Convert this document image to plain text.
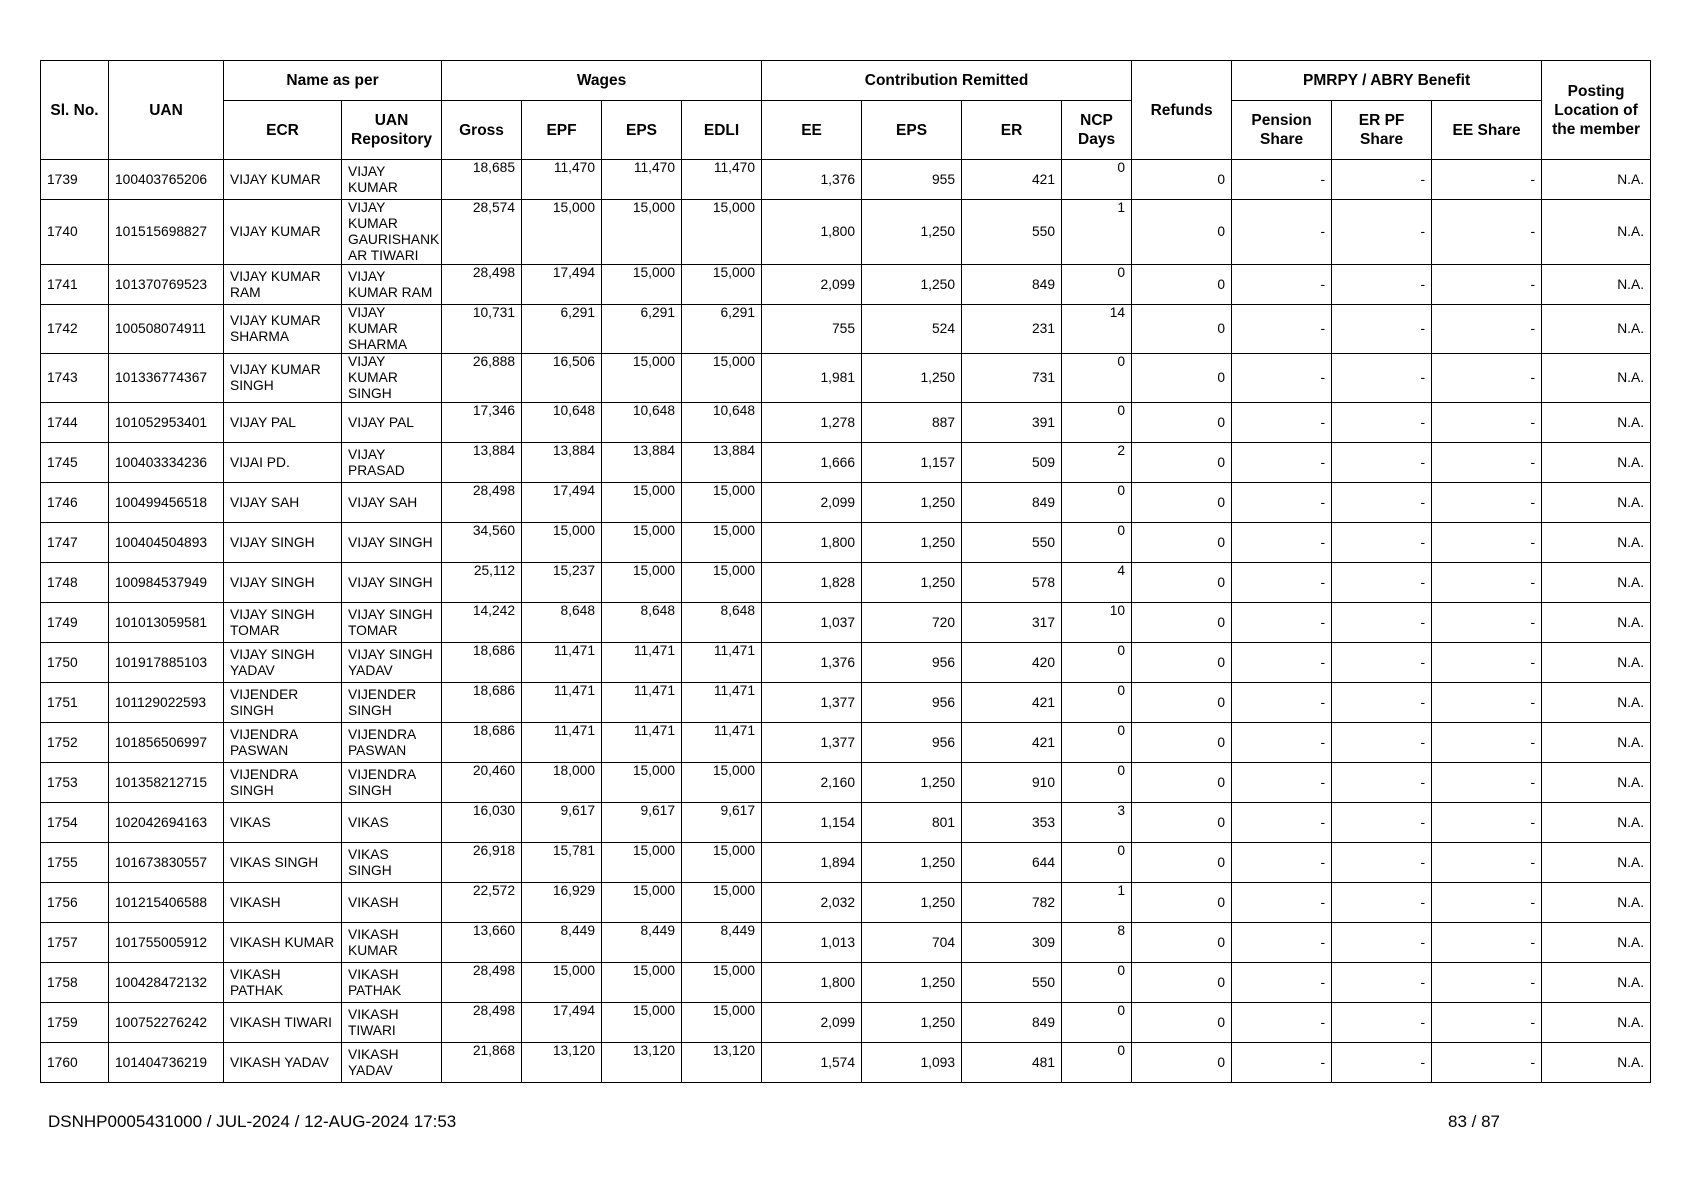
Sl. No.	UAN	Name as per		Wages				Contribution Remitted				Refunds	PMRPY / ABRY Benefit			Posting Location of the member
		ECR	UAN Repository	Gross	EPF	EPS	EDLI	EE	EPS	ER	NCP Days		Pension Share	ER PF Share	EE Share	
1739	100403765206	VIJAY KUMAR	VIJAY KUMAR	18,685	11,470	11,470	11,470	1,376	955	421	0	0	-	-	-	N.A.
1740	101515698827	VIJAY KUMAR	VIJAY KUMAR GAURISHANK AR TIWARI	28,574	15,000	15,000	15,000	1,800	1,250	550	1	0	-	-	-	N.A.
1741	101370769523	VIJAY KUMAR RAM	VIJAY KUMAR RAM	28,498	17,494	15,000	15,000	2,099	1,250	849	0	0	-	-	-	N.A.
1742	100508074911	VIJAY KUMAR SHARMA	VIJAY KUMAR SHARMA	10,731	6,291	6,291	6,291	755	524	231	14	0	-	-	-	N.A.
1743	101336774367	VIJAY KUMAR SINGH	VIJAY KUMAR SINGH	26,888	16,506	15,000	15,000	1,981	1,250	731	0	0	-	-	-	N.A.
1744	101052953401	VIJAY PAL	VIJAY PAL	17,346	10,648	10,648	10,648	1,278	887	391	0	0	-	-	-	N.A.
1745	100403334236	VIJAI PD.	VIJAY PRASAD	13,884	13,884	13,884	13,884	1,666	1,157	509	2	0	-	-	-	N.A.
1746	100499456518	VIJAY SAH	VIJAY SAH	28,498	17,494	15,000	15,000	2,099	1,250	849	0	0	-	-	-	N.A.
1747	100404504893	VIJAY SINGH	VIJAY SINGH	34,560	15,000	15,000	15,000	1,800	1,250	550	0	0	-	-	-	N.A.
1748	100984537949	VIJAY SINGH	VIJAY SINGH	25,112	15,237	15,000	15,000	1,828	1,250	578	4	0	-	-	-	N.A.
1749	101013059581	VIJAY SINGH TOMAR	VIJAY SINGH TOMAR	14,242	8,648	8,648	8,648	1,037	720	317	10	0	-	-	-	N.A.
1750	101917885103	VIJAY SINGH YADAV	VIJAY SINGH YADAV	18,686	11,471	11,471	11,471	1,376	956	420	0	0	-	-	-	N.A.
1751	101129022593	VIJENDER SINGH	VIJENDER SINGH	18,686	11,471	11,471	11,471	1,377	956	421	0	0	-	-	-	N.A.
1752	101856506997	VIJENDRA PASWAN	VIJENDRA PASWAN	18,686	11,471	11,471	11,471	1,377	956	421	0	0	-	-	-	N.A.
1753	101358212715	VIJENDRA SINGH	VIJENDRA SINGH	20,460	18,000	15,000	15,000	2,160	1,250	910	0	0	-	-	-	N.A.
1754	102042694163	VIKAS	VIKAS	16,030	9,617	9,617	9,617	1,154	801	353	3	0	-	-	-	N.A.
1755	101673830557	VIKAS SINGH	VIKAS SINGH	26,918	15,781	15,000	15,000	1,894	1,250	644	0	0	-	-	-	N.A.
1756	101215406588	VIKASH	VIKASH	22,572	16,929	15,000	15,000	2,032	1,250	782	1	0	-	-	-	N.A.
1757	101755005912	VIKASH KUMAR	VIKASH KUMAR	13,660	8,449	8,449	8,449	1,013	704	309	8	0	-	-	-	N.A.
1758	100428472132	VIKASH PATHAK	VIKASH PATHAK	28,498	15,000	15,000	15,000	1,800	1,250	550	0	0	-	-	-	N.A.
1759	100752276242	VIKASH TIWARI	VIKASH TIWARI	28,498	17,494	15,000	15,000	2,099	1,250	849	0	0	-	-	-	N.A.
1760	101404736219	VIKASH YADAV	VIKASH YADAV	21,868	13,120	13,120	13,120	1,574	1,093	481	0	0	-	-	-	N.A.
DSNHP0005431000 / JUL-2024 / 12-AUG-2024 17:53	83 / 87
